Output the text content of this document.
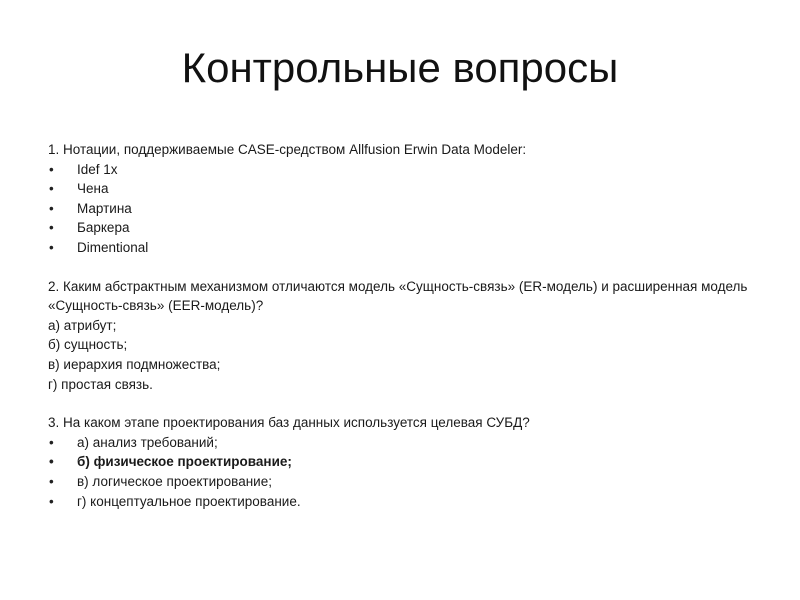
Контрольные вопросы

1. Нотации, поддерживаемые CASE-средством Allfusion Erwin Data Modeler:

• Idef 1x
• Чена
• Мартина
• Баркера
• Dimentional

2. Каким абстрактным механизмом отличаются модель «Сущность-связь» (ER-модель) и расширенная модель «Сущность-связь» (EER-модель)?

а) атрибут;

б) сущность;

в) иерархия подмножества;

г) простая связь.

3. На каком этапе проектирования баз данных используется целевая СУБД?

• а) анализ требований;
• б) физическое проектирование;
• в) логическое проектирование;
• г) концептуальное проектирование.
